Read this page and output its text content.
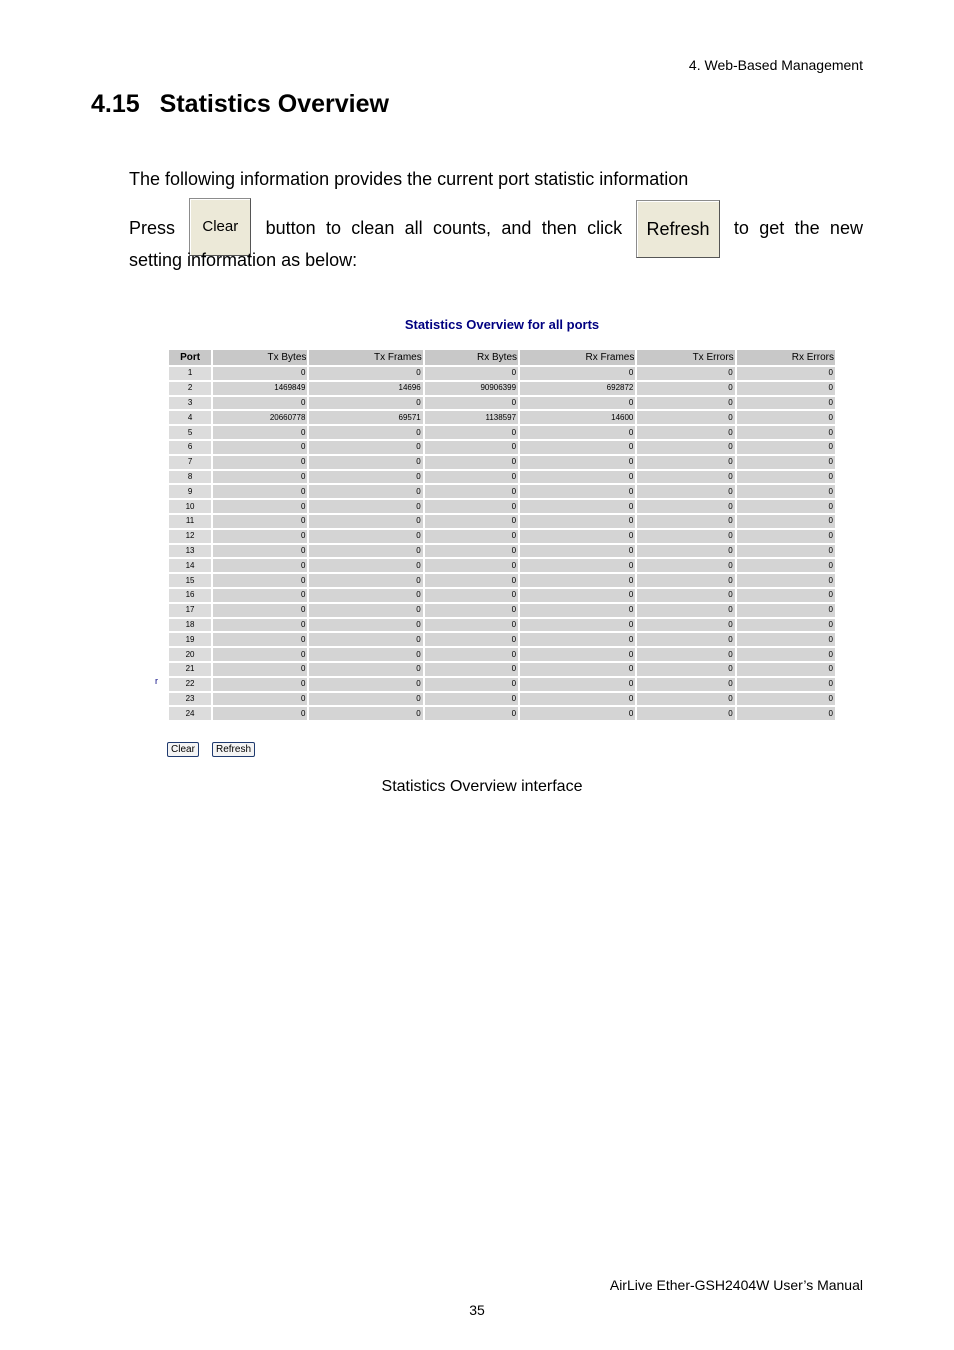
4. Web-Based Management
4.15 Statistics Overview

The following information provides the current port statistic information

Press Clear button to clean all counts, and then click Refresh to get the new

setting information as below:

Statistics Overview for all ports
Port	Tx Bytes	Tx Frames	Rx Bytes	Rx Frames	Tx Errors	Rx Errors
1	0	0	0	0	0	0
2	1469849	14696	90906399	692872	0	0
3	0	0	0	0	0	0
4	20660778	69571	1138597	14600	0	0
5	0	0	0	0	0	0
6	0	0	0	0	0	0
7	0	0	0	0	0	0
8	0	0	0	0	0	0
9	0	0	0	0	0	0
10	0	0	0	0	0	0
11	0	0	0	0	0	0
12	0	0	0	0	0	0
13	0	0	0	0	0	0
14	0	0	0	0	0	0
15	0	0	0	0	0	0
16	0	0	0	0	0	0
17	0	0	0	0	0	0
18	0	0	0	0	0	0
19	0	0	0	0	0	0
20	0	0	0	0	0	0
21	0	0	0	0	0	0
22	0	0	0	0	0	0
23	0	0	0	0	0	0
24	0	0	0	0	0	0
r
Clear	Refresh
Statistics Overview interface
AirLive Ether-GSH2404W User’s Manual
35
